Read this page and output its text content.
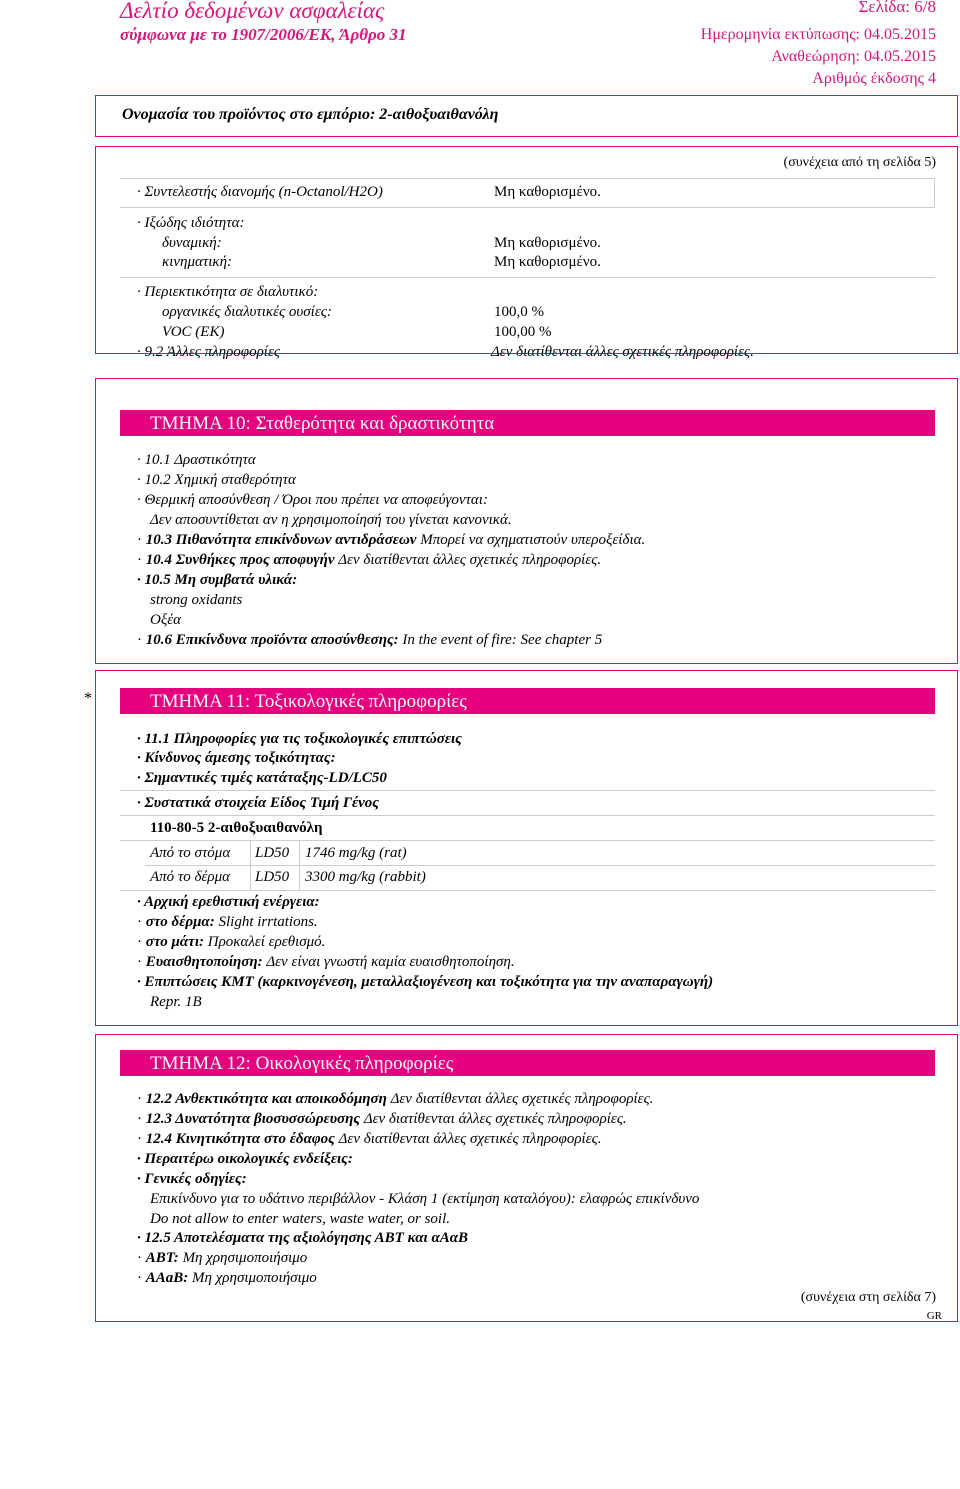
Δελτίο δεδομένων ασφαλείας
σύμφωνα με το 1907/2006/ΕΚ, Άρθρο 31
Σελίδα: 6/8
Ημερομηνία εκτύπωσης: 04.05.2015
Αναθεώρηση: 04.05.2015
Αριθμός έκδοσης 4
Ονομασία του προϊόντος στο εμπόριο: 2-αιθοξυαιθανόλη
(συνέχεια από τη σελίδα 5)
· Συντελεστής διανομής (n-Octanol/H2O)	Μη καθορισμένο.
· Ιξώδης ιδιότητα:
δυναμική:	Μη καθορισμένο.
κινηματική:	Μη καθορισμένο.
· Περιεκτικότητα σε διαλυτικό:
οργανικές διαλυτικές ουσίες:	100,0 %
VOC (EK)	100,00 %
· 9.2 Άλλες πληροφορίες	Δεν διατίθενται άλλες σχετικές πληροφορίες.
ΤΜΗΜΑ 10: Σταθερότητα και δραστικότητα
· 10.1 Δραστικότητα
· 10.2 Χημική σταθερότητα
· Θερμική αποσύνθεση / Όροι που πρέπει να αποφεύγονται:
Δεν αποσυντίθεται αν η χρησιμοποίησή του γίνεται κανονικά.
· 10.3 Πιθανότητα επικίνδυνων αντιδράσεων Μπορεί να σχηματιστούν υπεροξείδια.
· 10.4 Συνθήκες προς αποφυγήν Δεν διατίθενται άλλες σχετικές πληροφορίες.
· 10.5 Μη συμβατά υλικά:
strong oxidants
Οξέα
· 10.6 Επικίνδυνα προϊόντα αποσύνθεσης: In the event of fire: See chapter 5
*	ΤΜΗΜΑ 11: Τοξικολογικές πληροφορίες
· 11.1 Πληροφορίες για τις τοξικολογικές επιπτώσεις
· Κίνδυνος άμεσης τοξικότητας:
· Σημαντικές τιμές κατάταξης-LD/LC50
· Συστατικά στοιχεία Είδος Τιμή Γένος
110-80-5 2-αιθοξυαιθανόλη
Από το στόμα LD50 1746 mg/kg (rat)
Από το δέρμα LD50 3300 mg/kg (rabbit)
· Αρχική ερεθιστική ενέργεια:
· στο δέρμα: Slight irrtations.
· στο μάτι: Προκαλεί ερεθισμό.
· Ευαισθητοποίηση: Δεν είναι γνωστή καμία ευαισθητοποίηση.
· Επιπτώσεις ΚΜΤ (καρκινογένεση, μεταλλαξιογένεση και τοξικότητα για την αναπαραγωγή)
Repr. 1B
ΤΜΗΜΑ 12: Οικολογικές πληροφορίες
· 12.2 Ανθεκτικότητα και αποικοδόμηση Δεν διατίθενται άλλες σχετικές πληροφορίες.
· 12.3 Δυνατότητα βιοσυσσώρευσης Δεν διατίθενται άλλες σχετικές πληροφορίες.
· 12.4 Κινητικότητα στο έδαφος Δεν διατίθενται άλλες σχετικές πληροφορίες.
· Περαιτέρω οικολογικές ενδείξεις:
· Γενικές οδηγίες:
Επικίνδυνο για το υδάτινο περιβάλλον - Κλάση 1 (εκτίμηση καταλόγου): ελαφρώς επικίνδυνο
Do not allow to enter waters, waste water, or soil.
· 12.5 Αποτελέσματα της αξιολόγησης ΑΒΤ και αΑαΒ
· ABT: Μη χρησιμοποιήσιμο
· AAaB: Μη χρησιμοποιήσιμο
(συνέχεια στη σελίδα 7)
GR
